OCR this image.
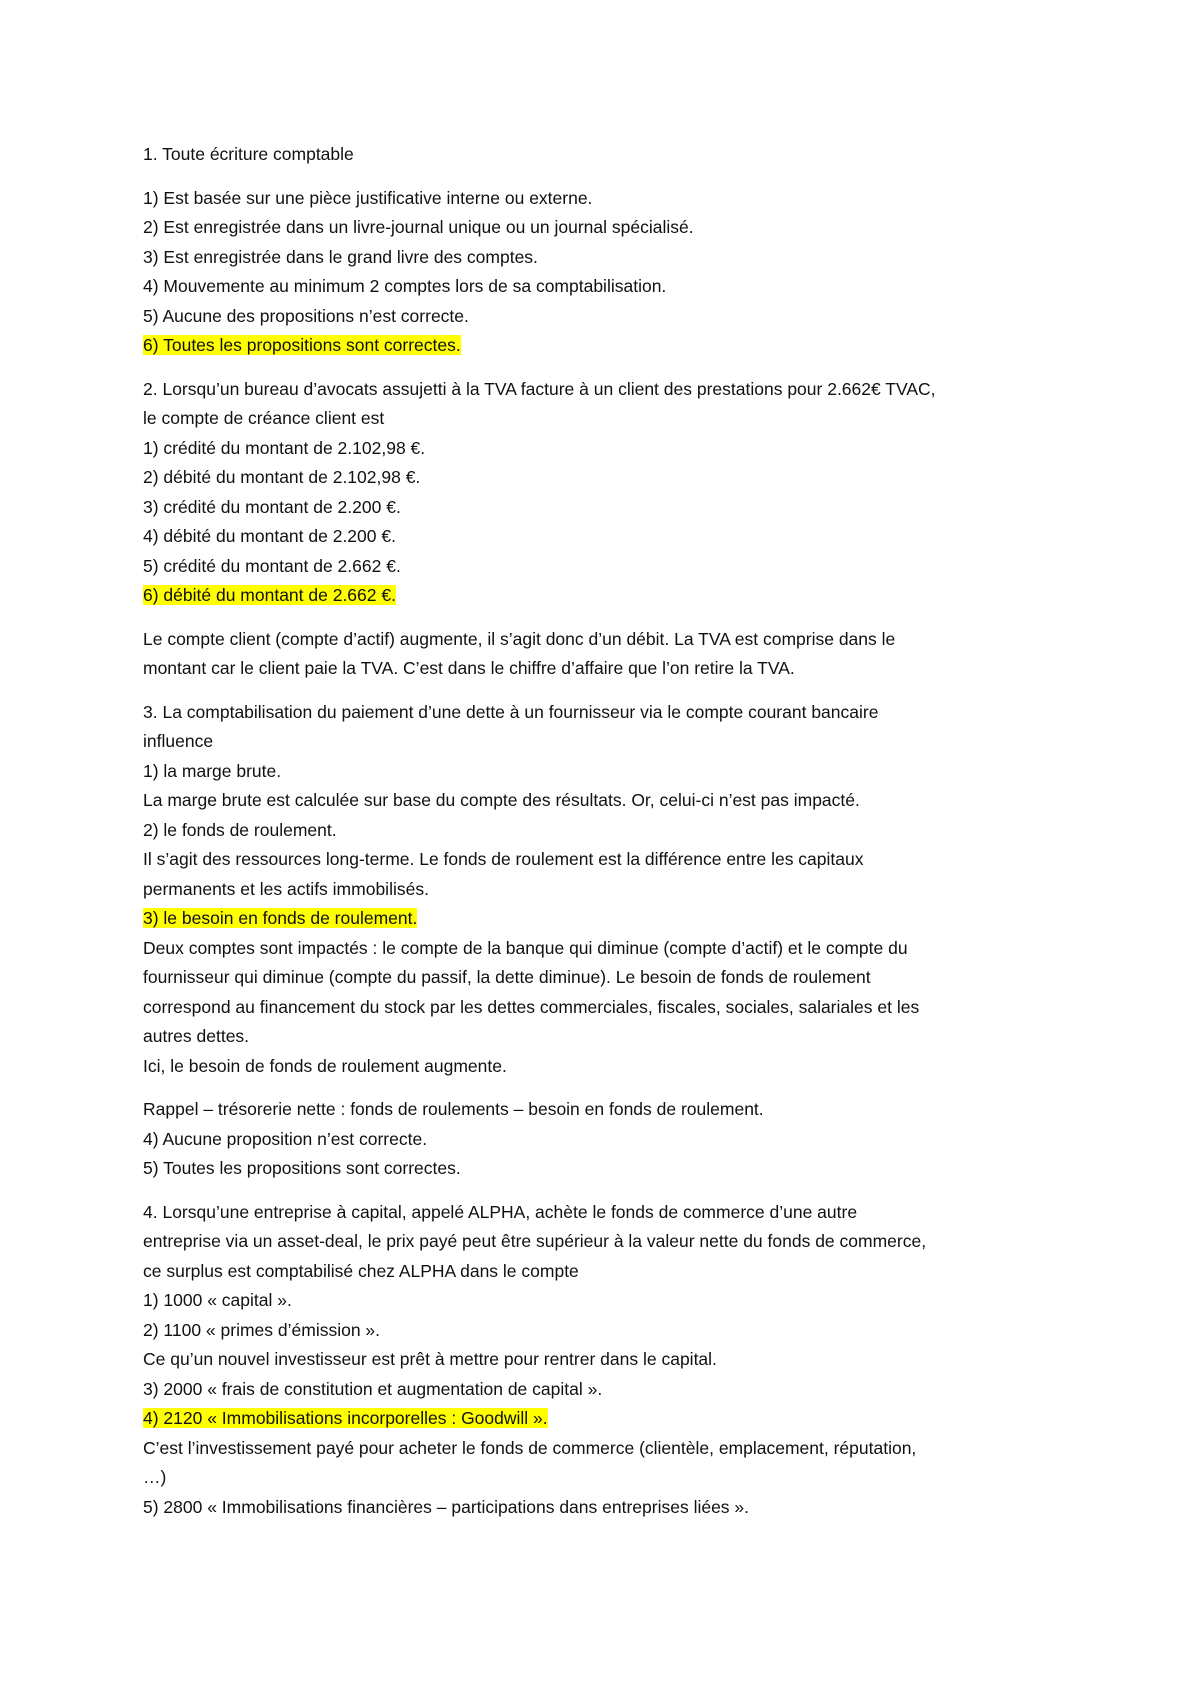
1. Toute écriture comptable
1) Est basée sur une pièce justificative interne ou externe.
2) Est enregistrée dans un livre-journal unique ou un journal spécialisé.
3) Est enregistrée dans le grand livre des comptes.
4) Mouvemente au minimum 2 comptes lors de sa comptabilisation.
5) Aucune des propositions n’est correcte.
6) Toutes les propositions sont correctes.
2. Lorsqu’un bureau d’avocats assujetti à la TVA facture à un client des prestations pour 2.662€ TVAC,
le compte de créance client est
1) crédité du montant de 2.102,98 €.
2) débité du montant de 2.102,98 €.
3) crédité du montant de 2.200 €.
4) débité du montant de 2.200 €.
5) crédité du montant de 2.662 €.
6) débité du montant de 2.662 €.
Le compte client (compte d’actif) augmente, il s’agit donc d’un débit. La TVA est comprise dans le
montant car le client paie la TVA. C’est dans le chiffre d’affaire que l’on retire la TVA.
3. La comptabilisation du paiement d’une dette à un fournisseur via le compte courant bancaire
influence
1) la marge brute.
La marge brute est calculée sur base du compte des résultats. Or, celui-ci n’est pas impacté.
2) le fonds de roulement.
Il s’agit des ressources long-terme. Le fonds de roulement est la différence entre les capitaux
permanents et les actifs immobilisés.
3) le besoin en fonds de roulement.
Deux comptes sont impactés : le compte de la banque qui diminue (compte d’actif) et le compte du
fournisseur qui diminue (compte du passif, la dette diminue). Le besoin de fonds de roulement
correspond au financement du stock par les dettes commerciales, fiscales, sociales, salariales et les
autres dettes.
Ici, le besoin de fonds de roulement augmente.
Rappel – trésorerie nette : fonds de roulements – besoin en fonds de roulement.
4) Aucune proposition n’est correcte.
5) Toutes les propositions sont correctes.
4. Lorsqu’une entreprise à capital, appelé ALPHA, achète le fonds de commerce d’une autre
entreprise via un asset-deal, le prix payé peut être supérieur à la valeur nette du fonds de commerce,
ce surplus est comptabilisé chez ALPHA dans le compte
1) 1000 « capital ».
2) 1100 « primes d’émission ».
Ce qu’un nouvel investisseur est prêt à mettre pour rentrer dans le capital.
3) 2000 « frais de constitution et augmentation de capital ».
4) 2120 « Immobilisations incorporelles : Goodwill ».
C’est l’investissement payé pour acheter le fonds de commerce (clientèle, emplacement, réputation,
…)
5) 2800 « Immobilisations financières – participations dans entreprises liées ».
